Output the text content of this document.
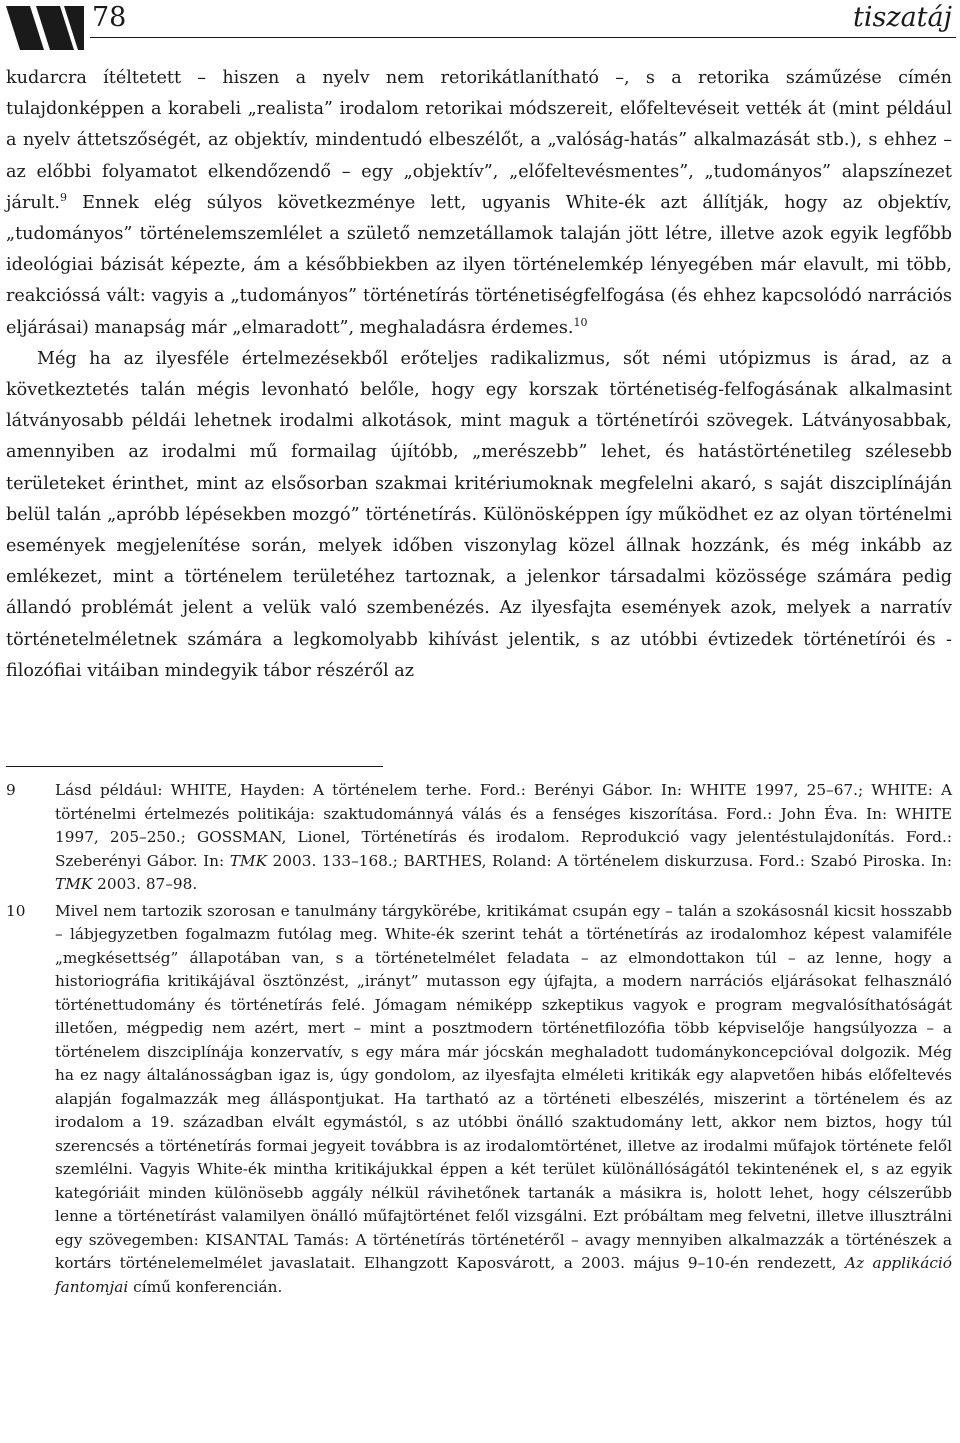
78	tiszatáj

kudarcra ítéltetett – hiszen a nyelv nem retorikátlanítható –, s a retorika száműzése címén tulajdonképpen a korabeli „realista” irodalom retorikai módszereit, előfeltevéseit vették át (mint például a nyelv áttetszőségét, az objektív, mindentudó elbeszélőt, a „valóság-hatás” alkalmazását stb.), s ehhez – az előbbi folyamatot elkendőzendő – egy „objektív”, „előfeltevésmentes”, „tudományos” alapszínezet járult.$^9$ Ennek elég súlyos következménye lett, ugyanis White-ék azt állítják, hogy az objektív, „tudományos” történelemszemlélet a születő nemzetállamok talaján jött létre, illetve azok egyik legfőbb ideológiai bázisát képezte, ám a későbbiekben az ilyen történelemkép lényegében már elavult, mi több, reakcióssá vált: vagyis a „tudományos” történetírás történetiségfelfogása (és ehhez kapcsolódó narrációs eljárásai) manapság már „elmaradott”, meghaladásra érdemes.$^{10}$

Még ha az ilyesféle értelmezésekből erőteljes radikalizmus, sőt némi utópizmus is árad, az a következtetés talán mégis levonható belőle, hogy egy korszak történetiség-felfogásának alkalmasint látványosabb példái lehetnek irodalmi alkotások, mint maguk a történetírói szövegek. Látványosabbak, amennyiben az irodalmi mű formailag újítóbb, „merészebb” lehet, és hatástörténetileg szélesebb területeket érinthet, mint az elsősorban szakmai kritériumoknak megfelelni akaró, s saját diszciplínáján belül talán „apróbb lépésekben mozgó” történetírás. Különösképpen így működhet ez az olyan történelmi események megjelenítése során, melyek időben viszonylag közel állnak hozzánk, és még inkább az emlékezet, mint a történelem területéhez tartoznak, a jelenkor társadalmi közössége számára pedig állandó problémát jelent a velük való szembenézés. Az ilyesfajta események azok, melyek a narratív történetelméletnek számára a legkomolyabb kihívást jelentik, s az utóbbi évtizedek történetírói és -filozófiai vitáiban mindegyik tábor részéről az

9	Lásd például: WHITE, Hayden: A történelem terhe. Ford.: Berényi Gábor. In: WHITE 1997, 25–67.; WHITE: A történelmi értelmezés politikája: szaktudománnyá válás és a fenséges kiszorítása. Ford.: John Éva. In: WHITE 1997, 205–250.; GOSSMAN, Lionel, Történetírás és irodalom. Reprodukció vagy jelentéstulajdonítás. Ford.: Szeberényi Gábor. In: TMK 2003. 133–168.; BARTHES, Roland: A történelem diskurzusa. Ford.: Szabó Piroska. In: TMK 2003. 87–98.
10 Mivel nem tartozik szorosan e tanulmány tárgykörébe, kritikámat csupán egy – talán a szokásosnál kicsit hosszabb – lábjegyzetben fogalmazm futólag meg. White-ék szerint tehát a történetírás az irodalomhoz képest valamiféle „megkésettség” állapotában van, s a történetelmélet feladata – az elmondottakon túl – az lenne, hogy a historiográfia kritikájával ösztönzést, „irányt” mutasson egy újfajta, a modern narrációs eljárásokat felhasználó történettudomány és történetírás felé. Jómagam némiképp szkeptikus vagyok e program megvalósíthatóságát illetően, mégpedig nem azért, mert – mint a posztmodern történetfilozófia több képviselője hangsúlyozza – a történelem diszciplínája konzervatív, s egy mára már jócskán meghaladott tudománykoncepcióval dolgozik. Még ha ez nagy általánosságban igaz is, úgy gondolom, az ilyesfajta elméleti kritikák egy alapvetően hibás előfeltevés alapján fogalmazzák meg álláspontjukat. Ha tartható az a történeti elbeszélés, miszerint a történelem és az irodalom a 19. században elvált egymástól, s az utóbbi önálló szaktudomány lett, akkor nem biztos, hogy túl szerencsés a történetírás formai jegyeit továbbra is az irodalomtörténet, illetve az irodalmi műfajok története felől szemlélni. Vagyis White-ék mintha kritikájukkal éppen a két terület különállóságától tekintenének el, s az egyik kategóriáit minden különösebb aggály nélkül rávihetőnek tartanák a másikra is, holott lehet, hogy célszerűbb lenne a történetírást valamilyen önálló műfajtörténet felől vizsgálni. Ezt próbáltam meg felvetni, illetve illusztrálni egy szövegemben: KISANTAL Tamás: A történetírás történetéről – avagy mennyiben alkalmazzák a történészek a kortárs történelemelmélet javaslatait. Elhangzott Kaposvárott, a 2003. május 9–10-én rendezett, Az applikáció fantomjai című konferencián.
